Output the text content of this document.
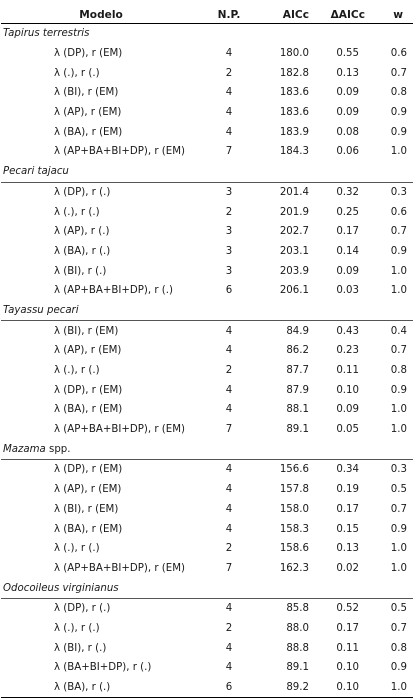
Modelo	N.P.	AICc	ΔAICc	w
Tapirus terrestris				
λ (DP), r (EM)	4	180.0	0.55	0.6
λ (.), r (.)	2	182.8	0.13	0.7
λ (BI), r (EM)	4	183.6	0.09	0.8
λ (AP), r (EM)	4	183.6	0.09	0.9
λ (BA), r (EM)	4	183.9	0.08	0.9
λ (AP+BA+BI+DP), r (EM)	7	184.3	0.06	1.0
Pecari tajacu				
λ (DP), r (.)	3	201.4	0.32	0.3
λ (.), r (.)	2	201.9	0.25	0.6
λ (AP), r (.)	3	202.7	0.17	0.7
λ (BA), r (.)	3	203.1	0.14	0.9
λ (BI), r (.)	3	203.9	0.09	1.0
λ (AP+BA+BI+DP), r (.)	6	206.1	0.03	1.0
Tayassu pecari				
λ (BI), r (EM)	4	84.9	0.43	0.4
λ (AP), r (EM)	4	86.2	0.23	0.7
λ (.), r (.)	2	87.7	0.11	0.8
λ (DP), r (EM)	4	87.9	0.10	0.9
λ (BA), r (EM)	4	88.1	0.09	1.0
λ (AP+BA+BI+DP), r (EM)	7	89.1	0.05	1.0
Mazama spp.				
λ (DP), r (EM)	4	156.6	0.34	0.3
λ (AP), r (EM)	4	157.8	0.19	0.5
λ (BI), r (EM)	4	158.0	0.17	0.7
λ (BA), r (EM)	4	158.3	0.15	0.9
λ (.), r (.)	2	158.6	0.13	1.0
λ (AP+BA+BI+DP), r (EM)	7	162.3	0.02	1.0
Odocoileus virginianus				
λ (DP), r (.)	4	85.8	0.52	0.5
λ (.), r (.)	2	88.0	0.17	0.7
λ (BI), r (.)	4	88.8	0.11	0.8
λ (BA+BI+DP), r (.)	4	89.1	0.10	0.9
λ (BA), r (.)	6	89.2	0.10	1.0
